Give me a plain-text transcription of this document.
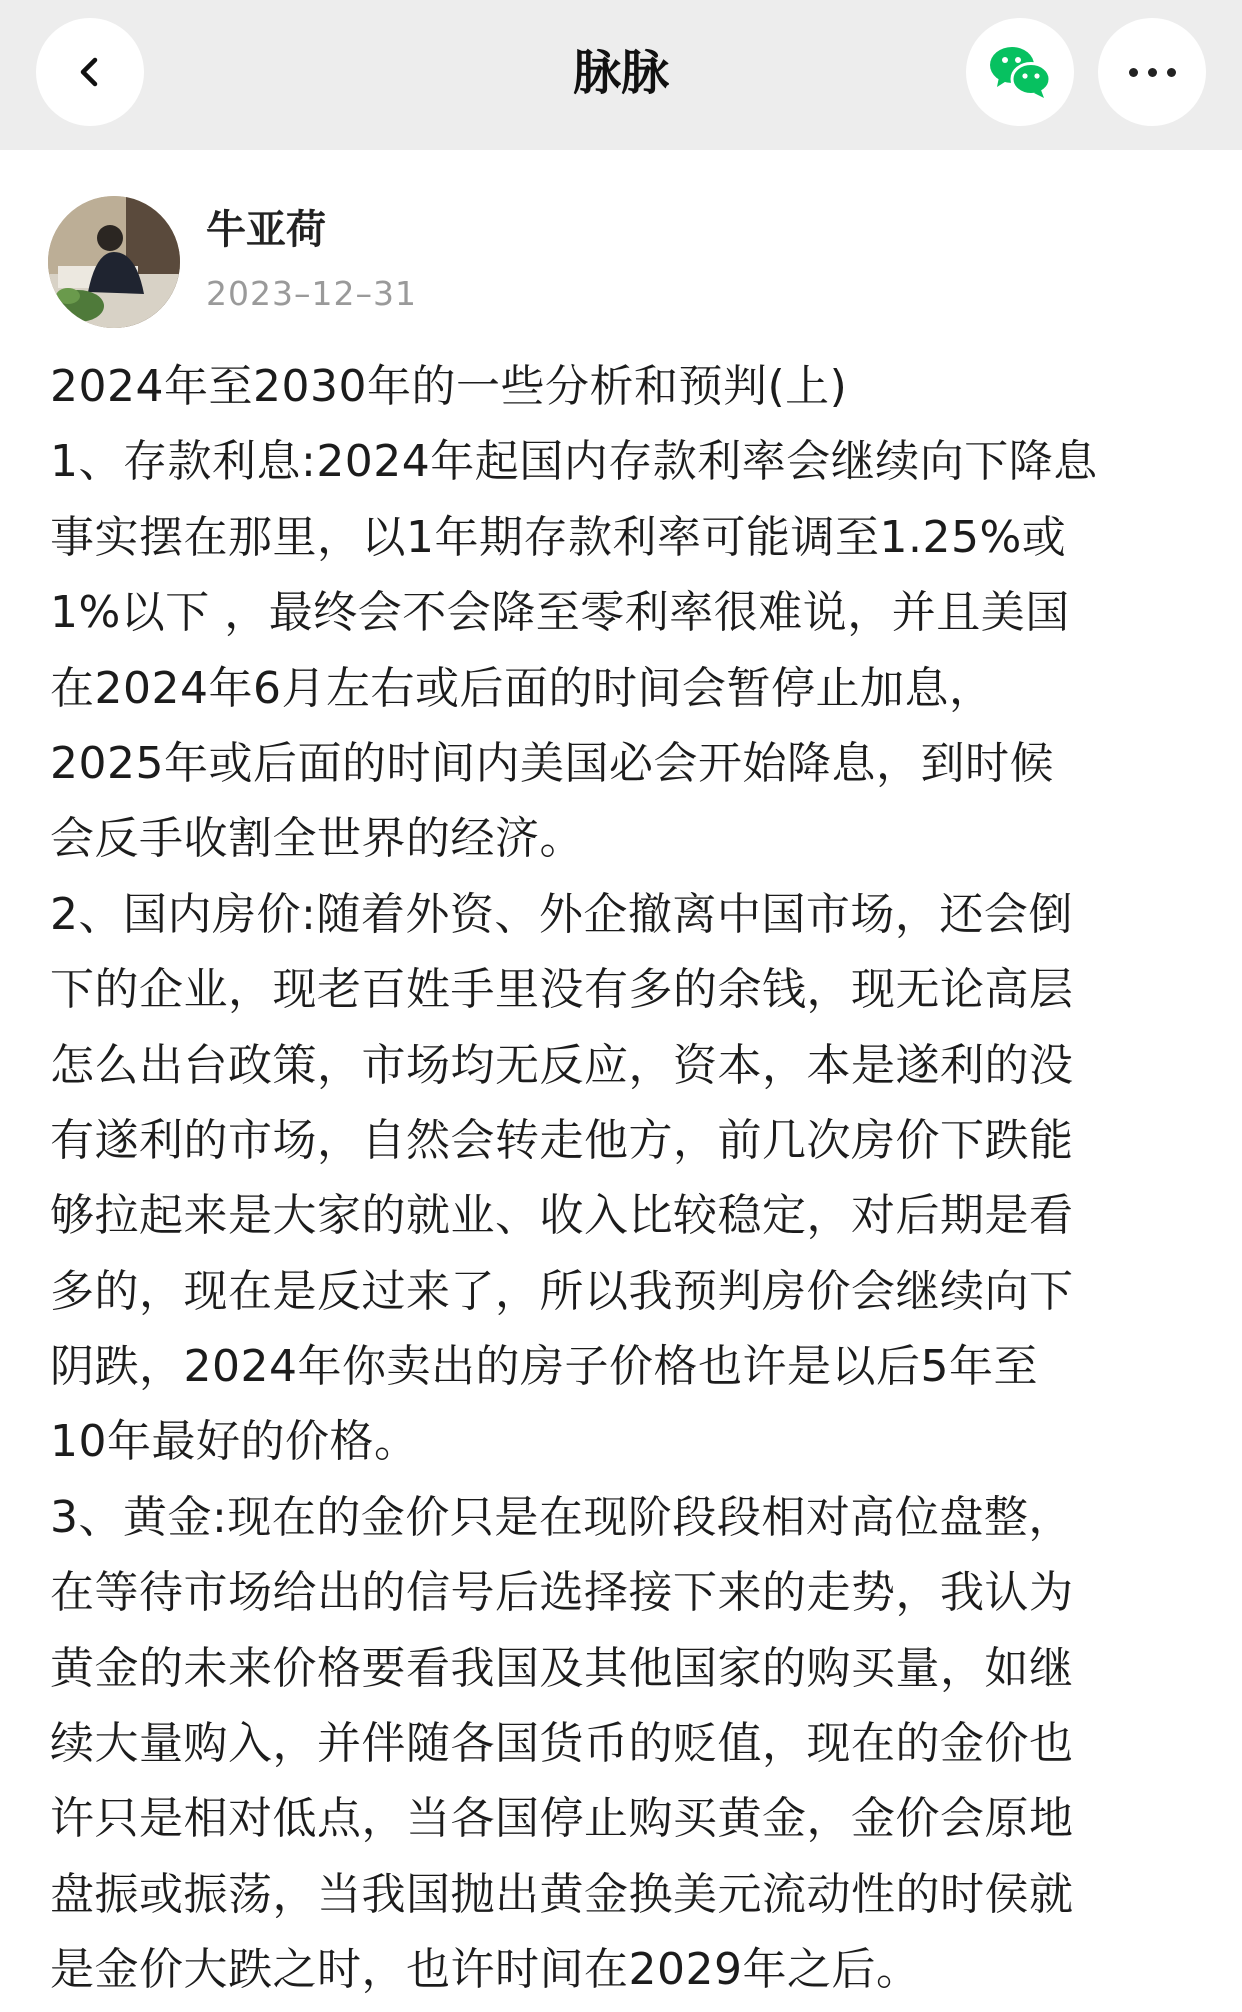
脉脉
牛亚荷
2023–12–31
2024年至2030年的一些分析和预判(上)
1、存款利息:2024年起国内存款利率会继续向下降息
事实摆在那里，以1年期存款利率可能调至1.25%或
1%以下 ，最终会不会降至零利率很难说，并且美国
在2024年6月左右或后面的时间会暂停止加息，
2025年或后面的时间内美国必会开始降息，到时候
会反手收割全世界的经济。
2、国内房价:随着外资、外企撤离中国市场，还会倒
下的企业，现老百姓手里没有多的余钱，现无论高层
怎么出台政策，市场均无反应，资本，本是遂利的没
有遂利的市场，自然会转走他方，前几次房价下跌能
够拉起来是大家的就业、收入比较稳定，对后期是看
多的，现在是反过来了，所以我预判房价会继续向下
阴跌，2024年你卖出的房子价格也许是以后5年至
10年最好的价格。
3、黄金:现在的金价只是在现阶段段相对高位盘整，
在等待市场给出的信号后选择接下来的走势，我认为
黄金的未来价格要看我国及其他国家的购买量，如继
续大量购入，并伴随各国货币的贬值，现在的金价也
许只是相对低点，当各国停止购买黄金，金价会原地
盘振或振荡，当我国抛出黄金换美元流动性的时侯就
是金价大跌之时，也许时间在2029年之后。
